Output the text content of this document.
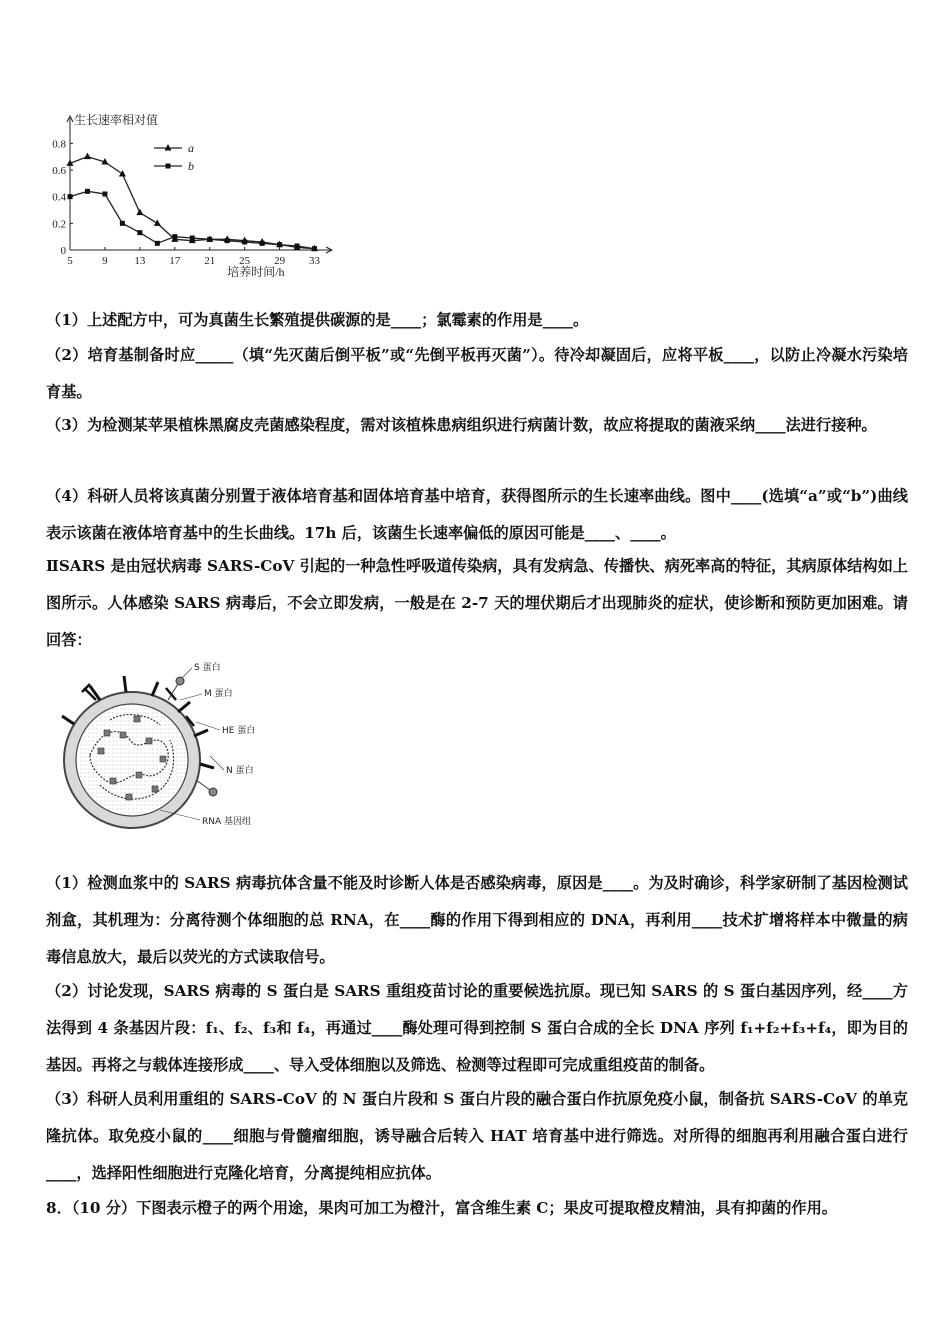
生长速率相对值
培养时间/h
0
0.2
0.4
0.6
0.8
5	9 13 17 21 25 29 33
a
b
（1）上述配方中，可为真菌生长繁殖提供碳源的是____；氯霉素的作用是____。
（2）培育基制备时应_____（填“先灭菌后倒平板”或“先倒平板再灭菌”）。待冷却凝固后，应将平板____，以防止冷凝水污染培育基。
（3）为检测某苹果植株黑腐皮壳菌感染程度，需对该植株患病组织进行病菌计数，故应将提取的菌液采纳____法进行接种。
（4）科研人员将该真菌分别置于液体培育基和固体培育基中培育，获得图所示的生长速率曲线。图中____(选填“a”或“b”)曲线表示该菌在液体培育基中的生长曲线。17h 后，该菌生长速率偏低的原因可能是____、____。
ⅡSARS 是由冠状病毒 SARS-CoV 引起的一种急性呼吸道传染病，具有发病急、传播快、病死率高的特征，其病原体结构如上图所示。人体感染 SARS 病毒后，不会立即发病，一般是在 2-7 天的埋伏期后才出现肺炎的症状，使诊断和预防更加困难。请回答：
S 蛋白
M 蛋白
HE 蛋白
N 蛋白
RNA 基因组
（1）检测血浆中的 SARS 病毒抗体含量不能及时诊断人体是否感染病毒，原因是____。为及时确诊，科学家研制了基因检测试剂盒，其机理为：分离待测个体细胞的总 RNA，在____酶的作用下得到相应的 DNA，再利用____技术扩增将样本中微量的病毒信息放大，最后以荧光的方式读取信号。
（2）讨论发现，SARS 病毒的 S 蛋白是 SARS 重组疫苗讨论的重要候选抗原。现已知 SARS 的 S 蛋白基因序列，经____方法得到 4 条基因片段：f₁、f₂、f₃和 f₄，再通过____酶处理可得到控制 S 蛋白合成的全长 DNA 序列 f₁+f₂+f₃+f₄，即为目的基因。再将之与载体连接形成____、导入受体细胞以及筛选、检测等过程即可完成重组疫苗的制备。
（3）科研人员利用重组的 SARS-CoV 的 N 蛋白片段和 S 蛋白片段的融合蛋白作抗原免疫小鼠，制备抗 SARS-CoV 的单克隆抗体。取免疫小鼠的____细胞与骨髓瘤细胞，诱导融合后转入 HAT 培育基中进行筛选。对所得的细胞再利用融合蛋白进行____，选择阳性细胞进行克隆化培育，分离提纯相应抗体。
8．（10 分）下图表示橙子的两个用途，果肉可加工为橙汁，富含维生素 C；果皮可提取橙皮精油，具有抑菌的作用。
